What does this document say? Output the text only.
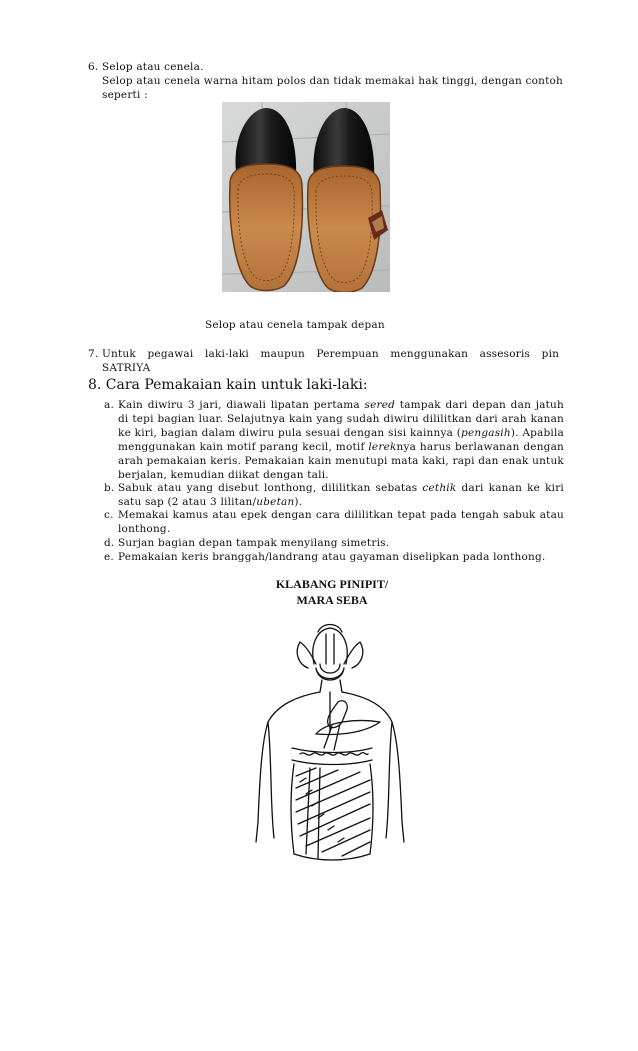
6. Selop atau cenela.
Selop atau cenela warna hitam polos dan tidak memakai hak tinggi, dengan contoh seperti :
Selop atau cenela tampak depan
7. Untuk pegawai laki-laki maupun Perempuan menggunakan assesoris pin
SATRIYA
8. Cara Pemakaian kain untuk laki-laki:
a. Kain diwiru 3 jari, diawali lipatan pertama sered tampak dari depan dan jatuh di tepi bagian luar. Selajutnya kain yang sudah diwiru dililitkan dari arah kanan ke kiri, bagian dalam diwiru pula sesuai dengan sisi kainnya (pengasih). Apabila menggunakan kain motif parang kecil, motif lereknya harus berlawanan dengan arah pemakaian keris. Pemakaian kain menutupi mata kaki, rapi dan enak untuk berjalan, kemudian diikat dengan tali.
b. Sabuk atau yang disebut lonthong, dililitkan sebatas cethik dari kanan ke kiri satu sap (2 atau 3 lilitan/ubetan).
c. Memakai kamus atau epek dengan cara dililitkan tepat pada tengah sabuk atau lonthong.
d. Surjan bagian depan tampak menyilang simetris.
e. Pemakaian keris branggah/landrang atau gayaman diselipkan pada lonthong.
KLABANG PINIPIT/
MARA SEBA
